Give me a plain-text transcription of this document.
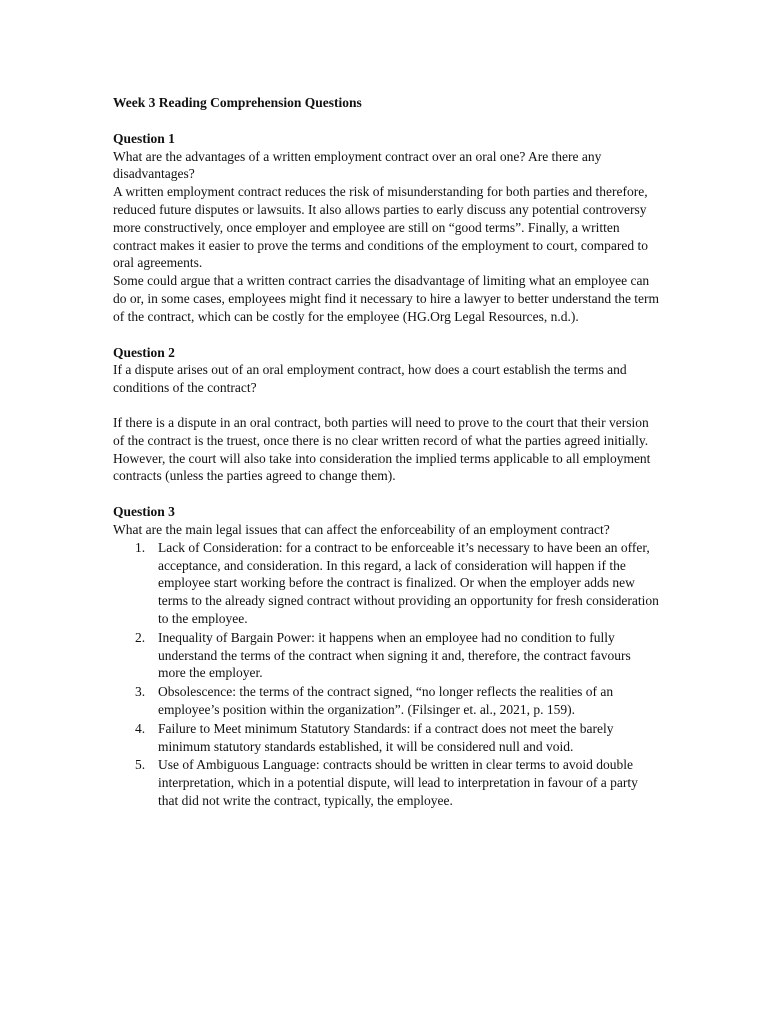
Week 3 Reading Comprehension Questions

Question 1

What are the advantages of a written employment contract over an oral one? Are there any disadvantages?

A written employment contract reduces the risk of misunderstanding for both parties and therefore, reduced future disputes or lawsuits. It also allows parties to early discuss any potential controversy more constructively, once employer and employee are still on “good terms”. Finally, a written contract makes it easier to prove the terms and conditions of the employment to court, compared to oral agreements.

Some could argue that a written contract carries the disadvantage of limiting what an employee can do or, in some cases, employees might find it necessary to hire a lawyer to better understand the term of the contract, which can be costly for the employee (HG.Org Legal Resources, n.d.).

Question 2

If a dispute arises out of an oral employment contract, how does a court establish the terms and conditions of the contract?

If there is a dispute in an oral contract, both parties will need to prove to the court that their version of the contract is the truest, once there is no clear written record of what the parties agreed initially. However, the court will also take into consideration the implied terms applicable to all employment contracts (unless the parties agreed to change them).

Question 3

What are the main legal issues that can affect the enforceability of an employment contract?

1. Lack of Consideration: for a contract to be enforceable it’s necessary to have been an offer, acceptance, and consideration. In this regard, a lack of consideration will happen if the employee start working before the contract is finalized. Or when the employer adds new terms to the already signed contract without providing an opportunity for fresh consideration to the employee.
2. Inequality of Bargain Power: it happens when an employee had no condition to fully understand the terms of the contract when signing it and, therefore, the contract favours more the employer.
3. Obsolescence: the terms of the contract signed, “no longer reflects the realities of an employee’s position within the organization”. (Filsinger et. al., 2021, p. 159).
4. Failure to Meet minimum Statutory Standards: if a contract does not meet the barely minimum statutory standards established, it will be considered null and void.
5. Use of Ambiguous Language: contracts should be written in clear terms to avoid double interpretation, which in a potential dispute, will lead to interpretation in favour of a party that did not write the contract, typically, the employee.
